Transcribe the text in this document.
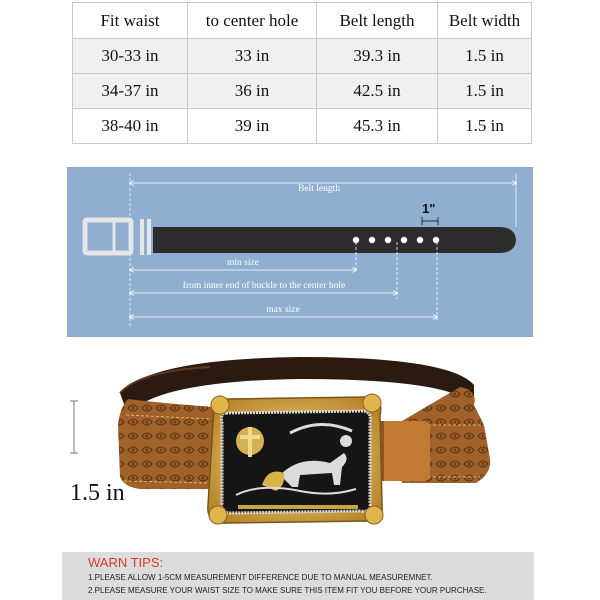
Fit waist	to center hole	Belt length	Belt width
30-33 in	33 in	39.3 in	1.5 in
34-37 in	36 in	42.5 in	1.5 in
38-40 in	39 in	45.3 in	1.5 in
Belt length
1"
min size
from inner end of buckle to the center hole
max size
1.5 in
WARN TIPS:
1.PLEASE ALLOW 1-5CM MEASUREMENT DIFFERENCE DUE TO MANUAL MEASUREMNET.
2.PLEASE MEASURE YOUR WAIST SIZE TO MAKE SURE THIS ITEM FIT YOU BEFORE YOUR PURCHASE.
